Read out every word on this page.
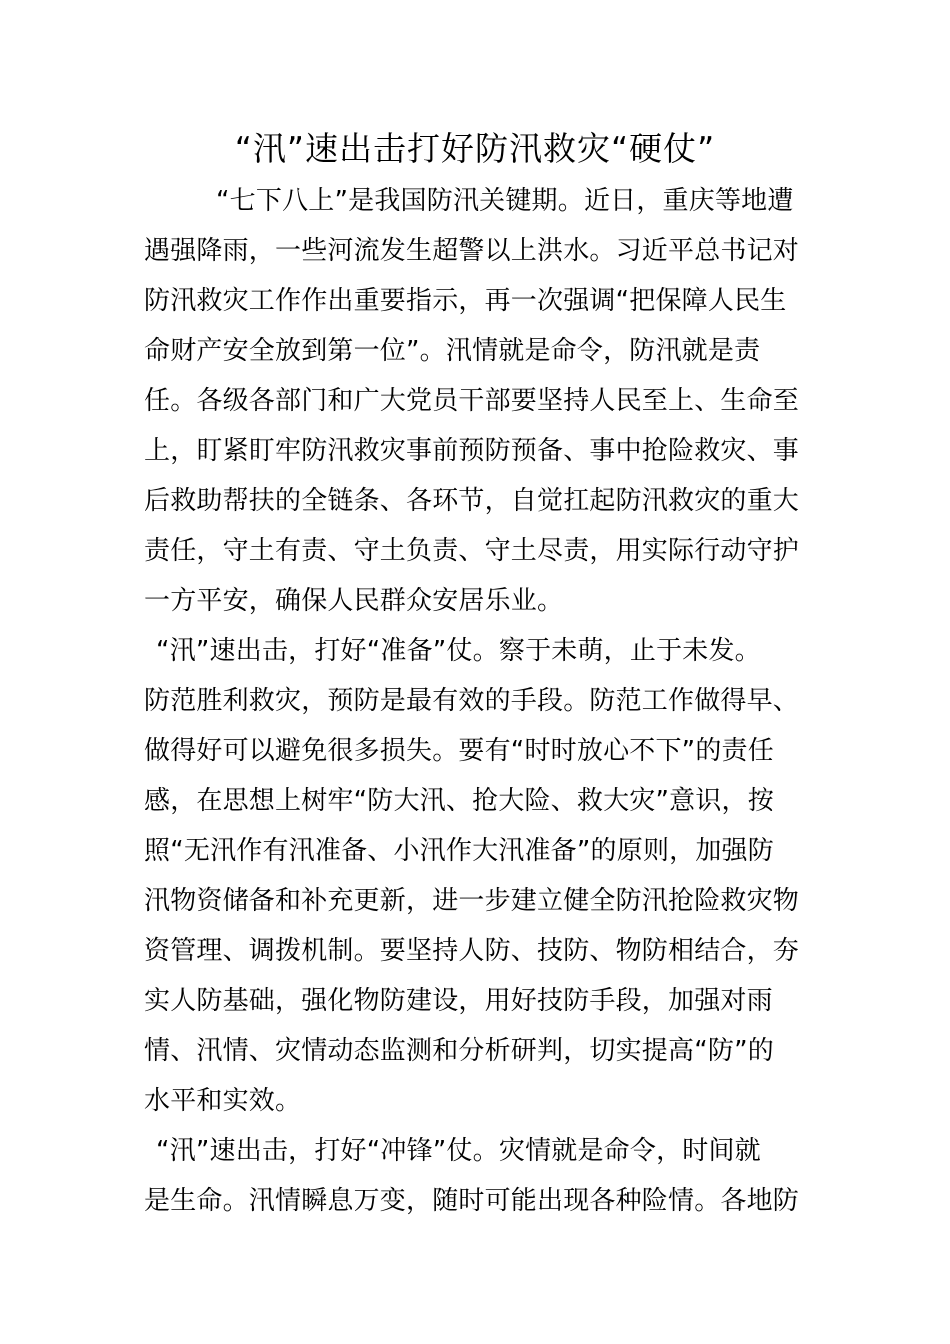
“汛”速出击打好防汛救灾“硬仗”
“七下八上”是我国防汛关键期。近日，重庆等地遭
遇强降雨，一些河流发生超警以上洪水。习近平总书记对
防汛救灾工作作出重要指示，再一次强调“把保障人民生
命财产安全放到第一位”。汛情就是命令，防汛就是责
任。各级各部门和广大党员干部要坚持人民至上、生命至
上，盯紧盯牢防汛救灾事前预防预备、事中抢险救灾、事
后救助帮扶的全链条、各环节，自觉扛起防汛救灾的重大
责任，守土有责、守土负责、守土尽责，用实际行动守护
一方平安，确保人民群众安居乐业。
“汛”速出击，打好“准备”仗。察于未萌，止于未发。
防范胜利救灾，预防是最有效的手段。防范工作做得早、
做得好可以避免很多损失。要有“时时放心不下”的责任
感，在思想上树牢“防大汛、抢大险、救大灾”意识，按
照“无汛作有汛准备、小汛作大汛准备”的原则，加强防
汛物资储备和补充更新，进一步建立健全防汛抢险救灾物
资管理、调拨机制。要坚持人防、技防、物防相结合，夯
实人防基础，强化物防建设，用好技防手段，加强对雨
情、汛情、灾情动态监测和分析研判，切实提高“防”的
水平和实效。
“汛”速出击，打好“冲锋”仗。灾情就是命令，时间就
是生命。汛情瞬息万变，随时可能出现各种险情。各地防
